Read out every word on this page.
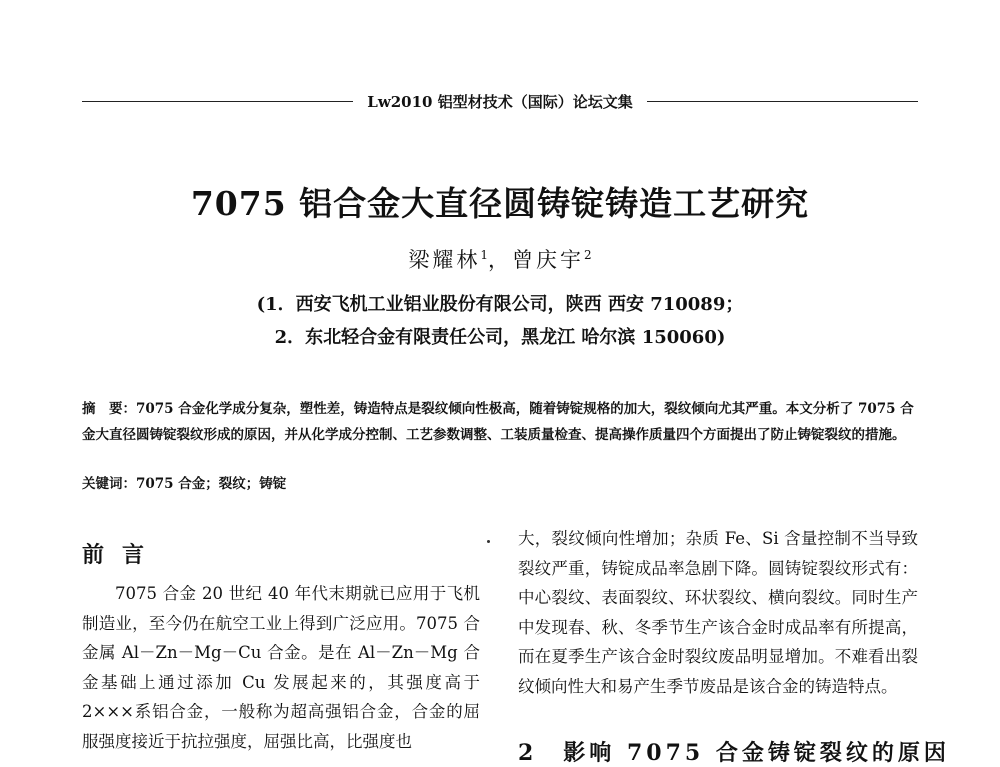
Lw2010 铝型材技术（国际）论坛文集
7075 铝合金大直径圆铸锭铸造工艺研究
梁耀林$^1$，曾庆宇$^2$
(1．西安飞机工业铝业股份有限公司，陕西 西安 710089；
2．东北轻合金有限责任公司，黑龙江 哈尔滨 150060)
摘　要：7075 合金化学成分复杂，塑性差，铸造特点是裂纹倾向性极高，随着铸锭规格的加大，裂纹倾向尤其严重。本文分析了 7075 合金大直径圆铸锭裂纹形成的原因，并从化学成分控制、工艺参数调整、工装质量检查、提高操作质量四个方面提出了防止铸锭裂纹的措施。
关键词：7075 合金；裂纹；铸锭
前言

7075 合金 20 世纪 40 年代末期就已应用于飞机制造业，至今仍在航空工业上得到广泛应用。7075 合金属 Al－Zn－Mg－Cu 合金。是在 Al－Zn－Mg 合金基础上通过添加 Cu 发展起来的，其强度高于 2×××系铝合金，一般称为超高强铝合金，合金的屈服强度接近于抗拉强度，屈强比高，比强度也

大，裂纹倾向性增加；杂质 Fe、Si 含量控制不当导致裂纹严重，铸锭成品率急剧下降。圆铸锭裂纹形式有：中心裂纹、表面裂纹、环状裂纹、横向裂纹。同时生产中发现春、秋、冬季节生产该合金时成品率有所提高，而在夏季生产该合金时裂纹废品明显增加。不难看出裂纹倾向性大和易产生季节废品是该合金的铸造特点。

2　影响 7075 合金铸锭裂纹的原因
